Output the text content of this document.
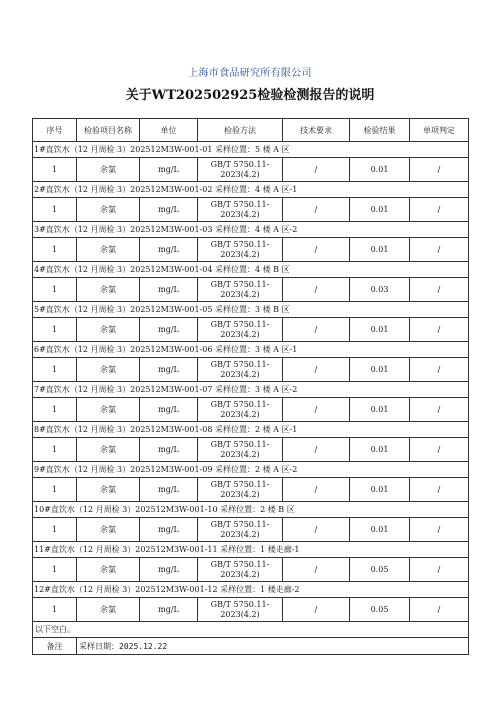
上海市食品研究所有限公司
关于WT202502925检验检测报告的说明
序号	检验项目名称	单位	检验方法	技术要求	检验结果	单项判定
1#直饮水（12 月周检 3）202512M3W-001-01 采样位置：5 楼 A 区						
1	余氯	mg/L	GB/T 5750.11-2023(4.2)	/	0.01	/
2#直饮水（12 月周检 3）202512M3W-001-02 采样位置：4 楼 A 区-1						
1	余氯	mg/L	GB/T 5750.11-2023(4.2)	/	0.01	/
3#直饮水（12 月周检 3）202512M3W-001-03 采样位置：4 楼 A 区-2						
1	余氯	mg/L	GB/T 5750.11-2023(4.2)	/	0.01	/
4#直饮水（12 月周检 3）202512M3W-001-04 采样位置：4 楼 B 区						
1	余氯	mg/L	GB/T 5750.11-2023(4.2)	/	0.03	/
5#直饮水（12 月周检 3）202512M3W-001-05 采样位置：3 楼 B 区						
1	余氯	mg/L	GB/T 5750.11-2023(4.2)	/	0.01	/
6#直饮水（12 月周检 3）202512M3W-001-06 采样位置：3 楼 A 区-1						
1	余氯	mg/L	GB/T 5750.11-2023(4.2)	/	0.01	/
7#直饮水（12 月周检 3）202512M3W-001-07 采样位置：3 楼 A 区-2						
1	余氯	mg/L	GB/T 5750.11-2023(4.2)	/	0.01	/
8#直饮水（12 月周检 3）202512M3W-001-08 采样位置：2 楼 A 区-1						
1	余氯	mg/L	GB/T 5750.11-2023(4.2)	/	0.01	/
9#直饮水（12 月周检 3）202512M3W-001-09 采样位置：2 楼 A 区-2						
1	余氯	mg/L	GB/T 5750.11-2023(4.2)	/	0.01	/
10#直饮水（12 月周检 3）202512M3W-001-10 采样位置：2 楼 B 区						
1	余氯	mg/L	GB/T 5750.11-2023(4.2)	/	0.01	/
11#直饮水（12 月周检 3）202512M3W-001-11 采样位置：1 楼走廊-1						
1	余氯	mg/L	GB/T 5750.11-2023(4.2)	/	0.05	/
12#直饮水（12 月周检 3）202512M3W-001-12 采样位置：1 楼走廊-2						
1	余氯	mg/L	GB/T 5750.11-2023(4.2)	/	0.05	/
以下空白。						
备注	采样日期：2025.12.22					
